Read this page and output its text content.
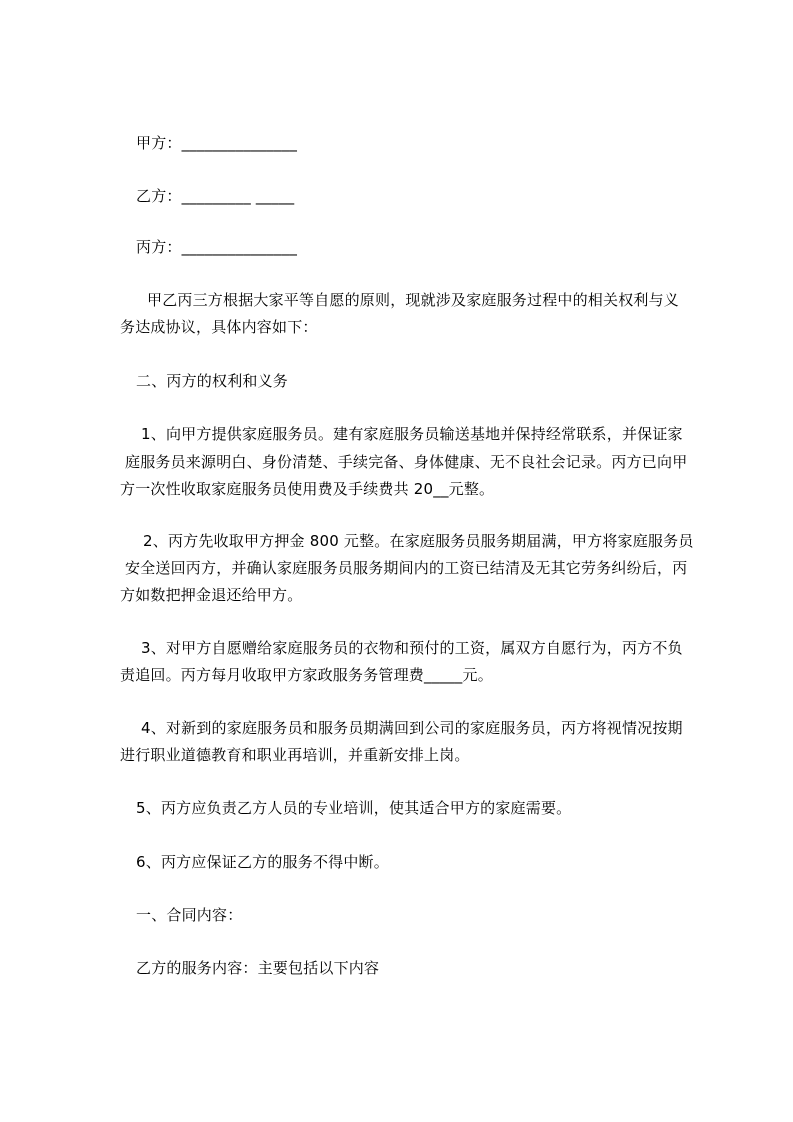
甲方：_______________
乙方：_________ _____
丙方：_______________
甲乙丙三方根据大家平等自愿的原则，现就涉及家庭服务过程中的相关权利与义
务达成协议，具体内容如下：
二、丙方的权利和义务
1、向甲方提供家庭服务员。建有家庭服务员输送基地并保持经常联系，并保证家
庭服务员来源明白、身份清楚、手续完备、身体健康、无不良社会记录。丙方已向甲
方一次性收取家庭服务员使用费及手续费共 20__元整。
2、丙方先收取甲方押金 800 元整。在家庭服务员服务期届满，甲方将家庭服务员
安全送回丙方，并确认家庭服务员服务期间内的工资已结清及无其它劳务纠纷后，丙
方如数把押金退还给甲方。
3、对甲方自愿赠给家庭服务员的衣物和预付的工资，属双方自愿行为，丙方不负
责追回。丙方每月收取甲方家政服务务管理费_____元。
4、对新到的家庭服务员和服务员期满回到公司的家庭服务员，丙方将视情况按期
进行职业道德教育和职业再培训，并重新安排上岗。
5、丙方应负责乙方人员的专业培训，使其适合甲方的家庭需要。
6、丙方应保证乙方的服务不得中断。
一、合同内容：
乙方的服务内容：主要包括以下内容
